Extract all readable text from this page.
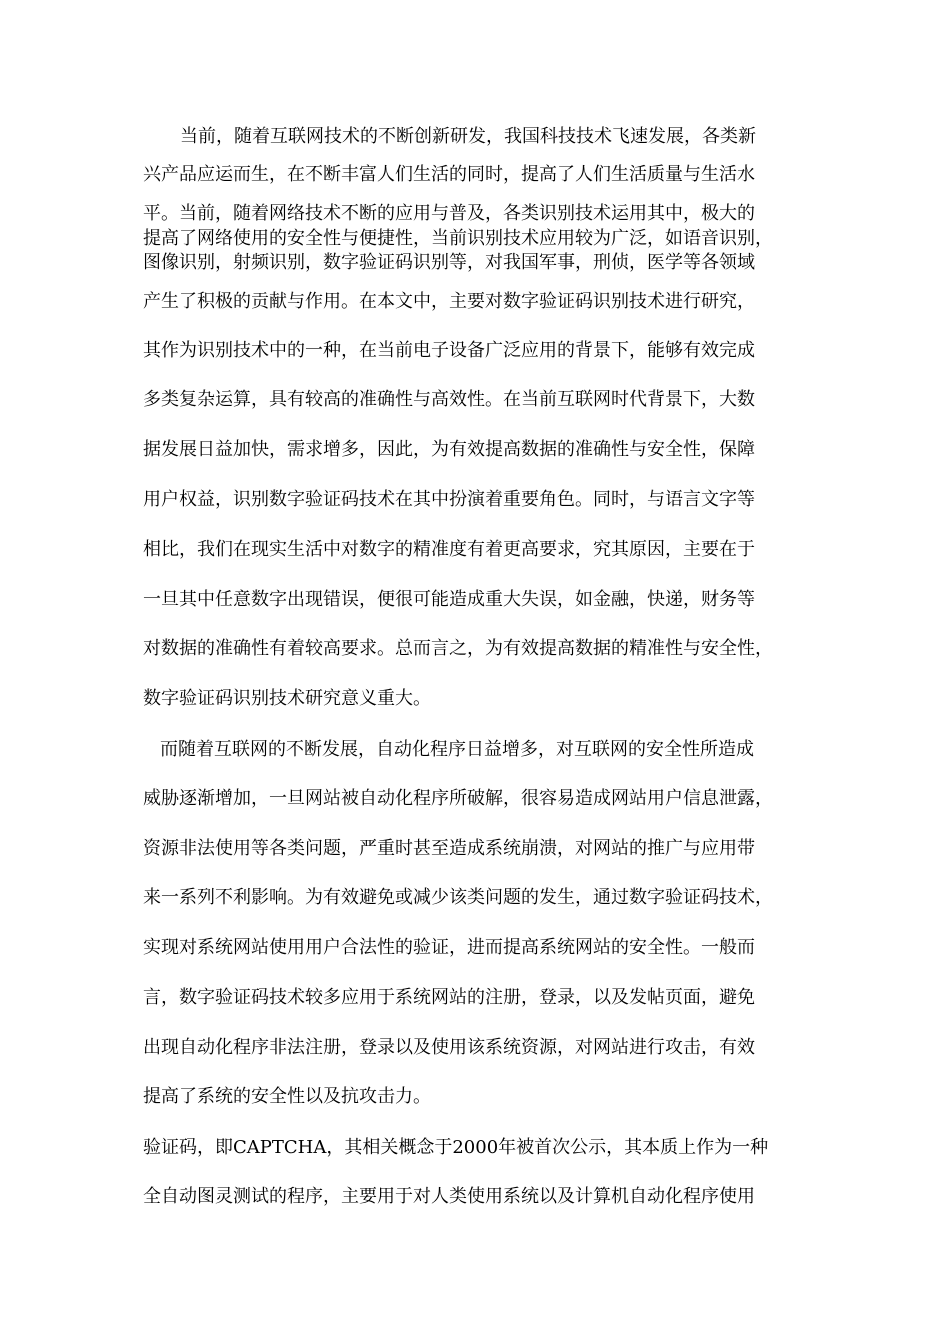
当前，随着互联网技术的不断创新研发，我国科技技术飞速发展，各类新
兴产品应运而生，在不断丰富人们生活的同时，提高了人们生活质量与生活水
平。当前，随着网络技术不断的应用与普及，各类识别技术运用其中，极大的
提高了网络使用的安全性与便捷性，当前识别技术应用较为广泛，如语音识别，
图像识别，射频识别，数字验证码识别等，对我国军事，刑侦，医学等各领域
产生了积极的贡献与作用。在本文中，主要对数字验证码识别技术进行研究，
其作为识别技术中的一种，在当前电子设备广泛应用的背景下，能够有效完成
多类复杂运算，具有较高的准确性与高效性。在当前互联网时代背景下，大数
据发展日益加快，需求增多，因此，为有效提高数据的准确性与安全性，保障
用户权益，识别数字验证码技术在其中扮演着重要角色。同时，与语言文字等
相比，我们在现实生活中对数字的精准度有着更高要求，究其原因，主要在于
一旦其中任意数字出现错误，便很可能造成重大失误，如金融，快递，财务等
对数据的准确性有着较高要求。总而言之，为有效提高数据的精准性与安全性，
数字验证码识别技术研究意义重大。
而随着互联网的不断发展，自动化程序日益增多，对互联网的安全性所造成
威胁逐渐增加，一旦网站被自动化程序所破解，很容易造成网站用户信息泄露，
资源非法使用等各类问题，严重时甚至造成系统崩溃，对网站的推广与应用带
来一系列不利影响。为有效避免或减少该类问题的发生，通过数字验证码技术，
实现对系统网站使用用户合法性的验证，进而提高系统网站的安全性。一般而
言，数字验证码技术较多应用于系统网站的注册，登录，以及发帖页面，避免
出现自动化程序非法注册，登录以及使用该系统资源，对网站进行攻击，有效
提高了系统的安全性以及抗攻击力。
验证码，即CAPTCHA，其相关概念于2000年被首次公示，其本质上作为一种
全自动图灵测试的程序，主要用于对人类使用系统以及计算机自动化程序使用
